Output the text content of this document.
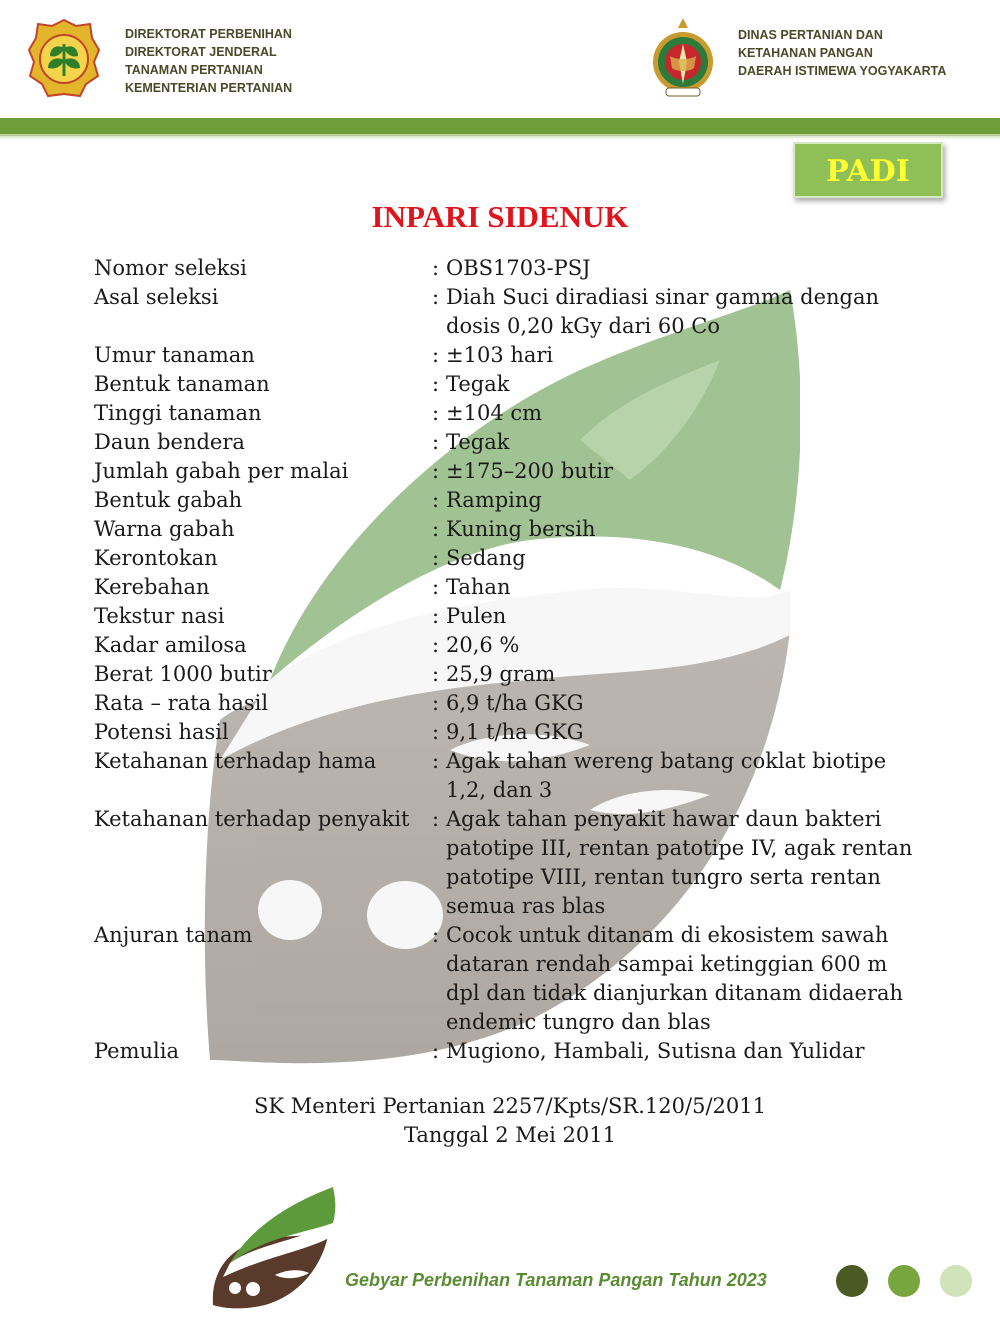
DIREKTORAT PERBENIHAN
DIREKTORAT JENDERAL
TANAMAN PERTANIAN
KEMENTERIAN PERTANIAN
DINAS PERTANIAN DAN
KETAHANAN PANGAN
DAERAH ISTIMEWA YOGYAKARTA
PADI
INPARI SIDENUK
Nomor seleksi	: OBS1703-PSJ
Asal seleksi	: Diah Suci diradiasi sinar gamma dengan dosis 0,20 kGy dari 60 Co
Umur tanaman	: ±103 hari
Bentuk tanaman	: Tegak
Tinggi tanaman	: ±104 cm
Daun bendera	: Tegak
Jumlah gabah per malai	: ±175–200 butir
Bentuk gabah	: Ramping
Warna gabah	: Kuning bersih
Kerontokan	: Sedang
Kerebahan	: Tahan
Tekstur nasi	: Pulen
Kadar amilosa	: 20,6 %
Berat 1000 butir	: 25,9 gram
Rata – rata hasil	: 6,9 t/ha GKG
Potensi hasil	: 9,1 t/ha GKG
Ketahanan terhadap hama	: Agak tahan wereng batang coklat biotipe 1,2, dan 3
Ketahanan terhadap penyakit	: Agak tahan penyakit hawar daun bakteri patotipe III, rentan patotipe IV, agak rentan patotipe VIII, rentan tungro serta rentan semua ras blas
Anjuran tanam	: Cocok untuk ditanam di ekosistem sawah dataran rendah sampai ketinggian 600 m dpl dan tidak dianjurkan ditanam didaerah endemic tungro dan blas
Pemulia	: Mugiono, Hambali, Sutisna dan Yulidar
SK Menteri Pertanian 2257/Kpts/SR.120/5/2011
Tanggal 2 Mei 2011
Gebyar Perbenihan Tanaman Pangan Tahun 2023
